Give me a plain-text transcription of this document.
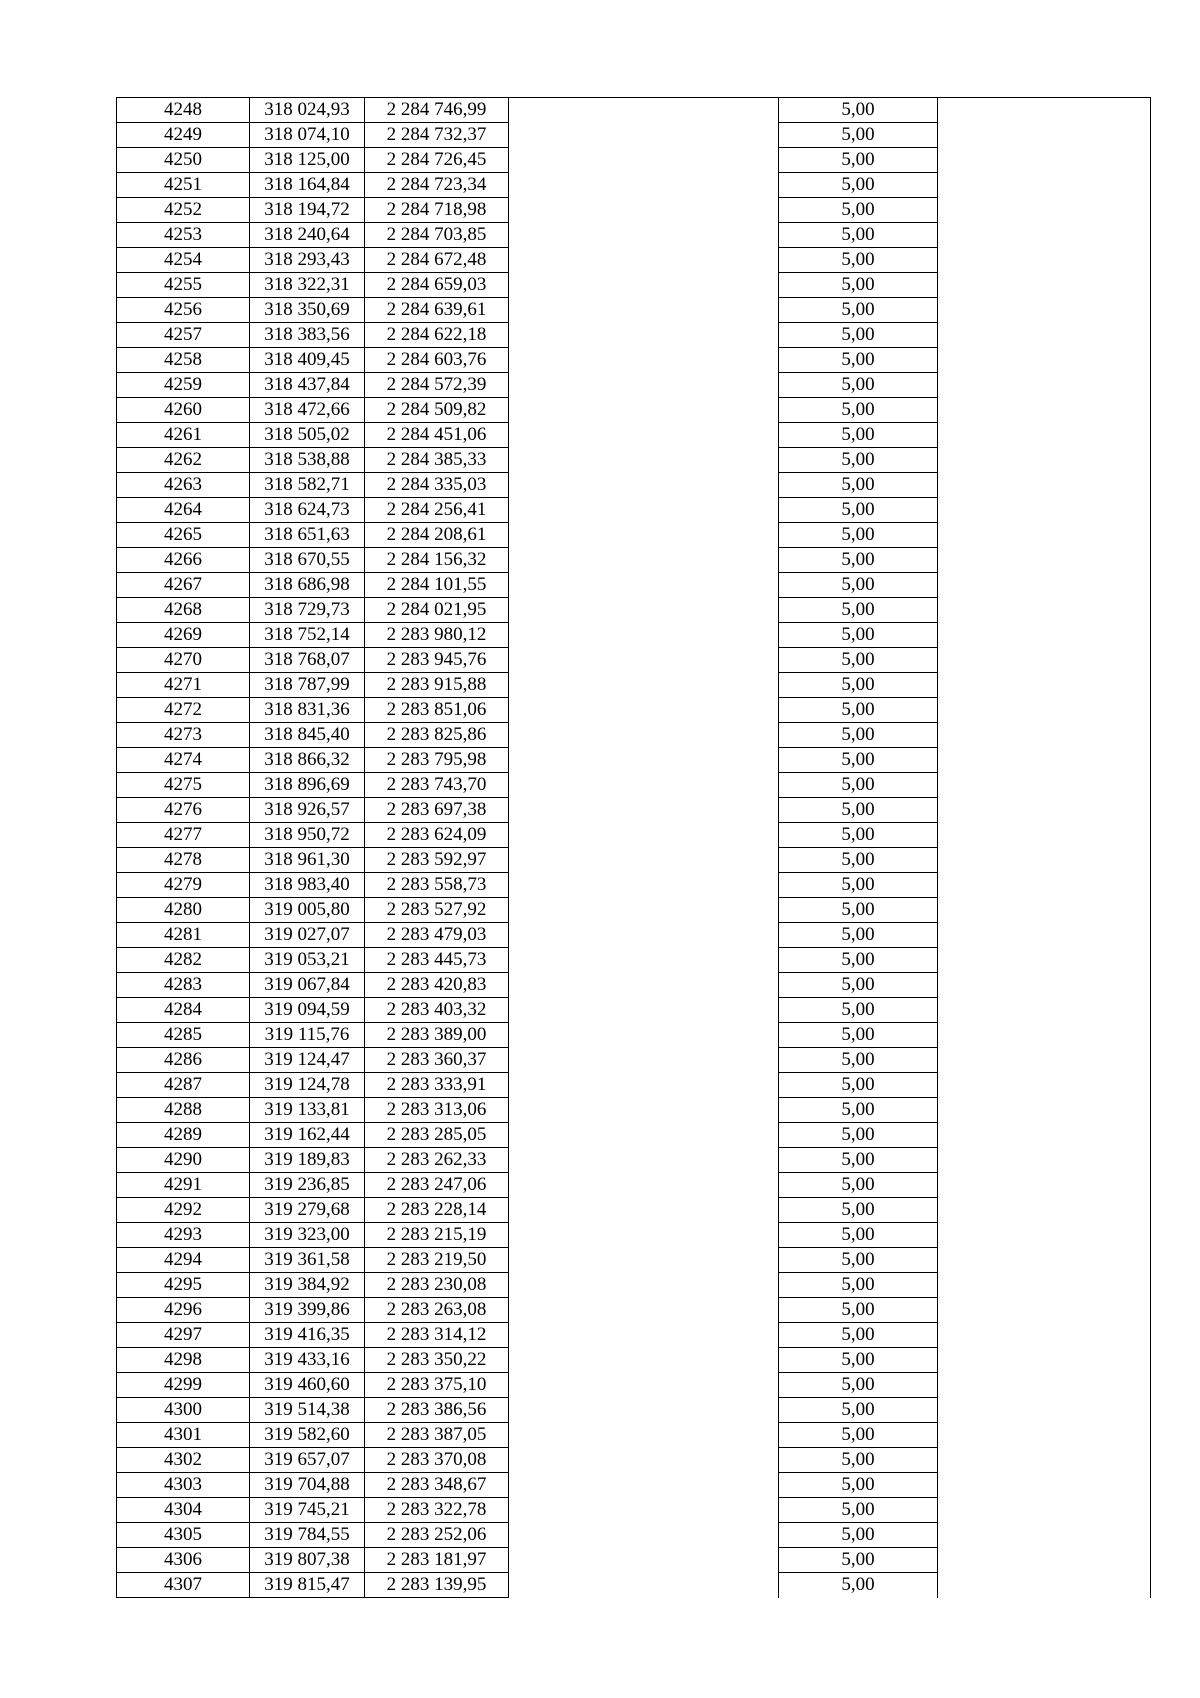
4248	318 024,93	2 284 746,99		5,00	
4249	318 074,10	2 284 732,37		5,00	
4250	318 125,00	2 284 726,45		5,00	
4251	318 164,84	2 284 723,34		5,00	
4252	318 194,72	2 284 718,98		5,00	
4253	318 240,64	2 284 703,85		5,00	
4254	318 293,43	2 284 672,48		5,00	
4255	318 322,31	2 284 659,03		5,00	
4256	318 350,69	2 284 639,61		5,00	
4257	318 383,56	2 284 622,18		5,00	
4258	318 409,45	2 284 603,76		5,00	
4259	318 437,84	2 284 572,39		5,00	
4260	318 472,66	2 284 509,82		5,00	
4261	318 505,02	2 284 451,06		5,00	
4262	318 538,88	2 284 385,33		5,00	
4263	318 582,71	2 284 335,03		5,00	
4264	318 624,73	2 284 256,41		5,00	
4265	318 651,63	2 284 208,61		5,00	
4266	318 670,55	2 284 156,32		5,00	
4267	318 686,98	2 284 101,55		5,00	
4268	318 729,73	2 284 021,95		5,00	
4269	318 752,14	2 283 980,12		5,00	
4270	318 768,07	2 283 945,76		5,00	
4271	318 787,99	2 283 915,88		5,00	
4272	318 831,36	2 283 851,06		5,00	
4273	318 845,40	2 283 825,86		5,00	
4274	318 866,32	2 283 795,98		5,00	
4275	318 896,69	2 283 743,70		5,00	
4276	318 926,57	2 283 697,38		5,00	
4277	318 950,72	2 283 624,09		5,00	
4278	318 961,30	2 283 592,97		5,00	
4279	318 983,40	2 283 558,73		5,00	
4280	319 005,80	2 283 527,92		5,00	
4281	319 027,07	2 283 479,03		5,00	
4282	319 053,21	2 283 445,73		5,00	
4283	319 067,84	2 283 420,83		5,00	
4284	319 094,59	2 283 403,32		5,00	
4285	319 115,76	2 283 389,00		5,00	
4286	319 124,47	2 283 360,37		5,00	
4287	319 124,78	2 283 333,91		5,00	
4288	319 133,81	2 283 313,06		5,00	
4289	319 162,44	2 283 285,05		5,00	
4290	319 189,83	2 283 262,33		5,00	
4291	319 236,85	2 283 247,06		5,00	
4292	319 279,68	2 283 228,14		5,00	
4293	319 323,00	2 283 215,19		5,00	
4294	319 361,58	2 283 219,50		5,00	
4295	319 384,92	2 283 230,08		5,00	
4296	319 399,86	2 283 263,08		5,00	
4297	319 416,35	2 283 314,12		5,00	
4298	319 433,16	2 283 350,22		5,00	
4299	319 460,60	2 283 375,10		5,00	
4300	319 514,38	2 283 386,56		5,00	
4301	319 582,60	2 283 387,05		5,00	
4302	319 657,07	2 283 370,08		5,00	
4303	319 704,88	2 283 348,67		5,00	
4304	319 745,21	2 283 322,78		5,00	
4305	319 784,55	2 283 252,06		5,00	
4306	319 807,38	2 283 181,97		5,00	
4307	319 815,47	2 283 139,95		5,00	
